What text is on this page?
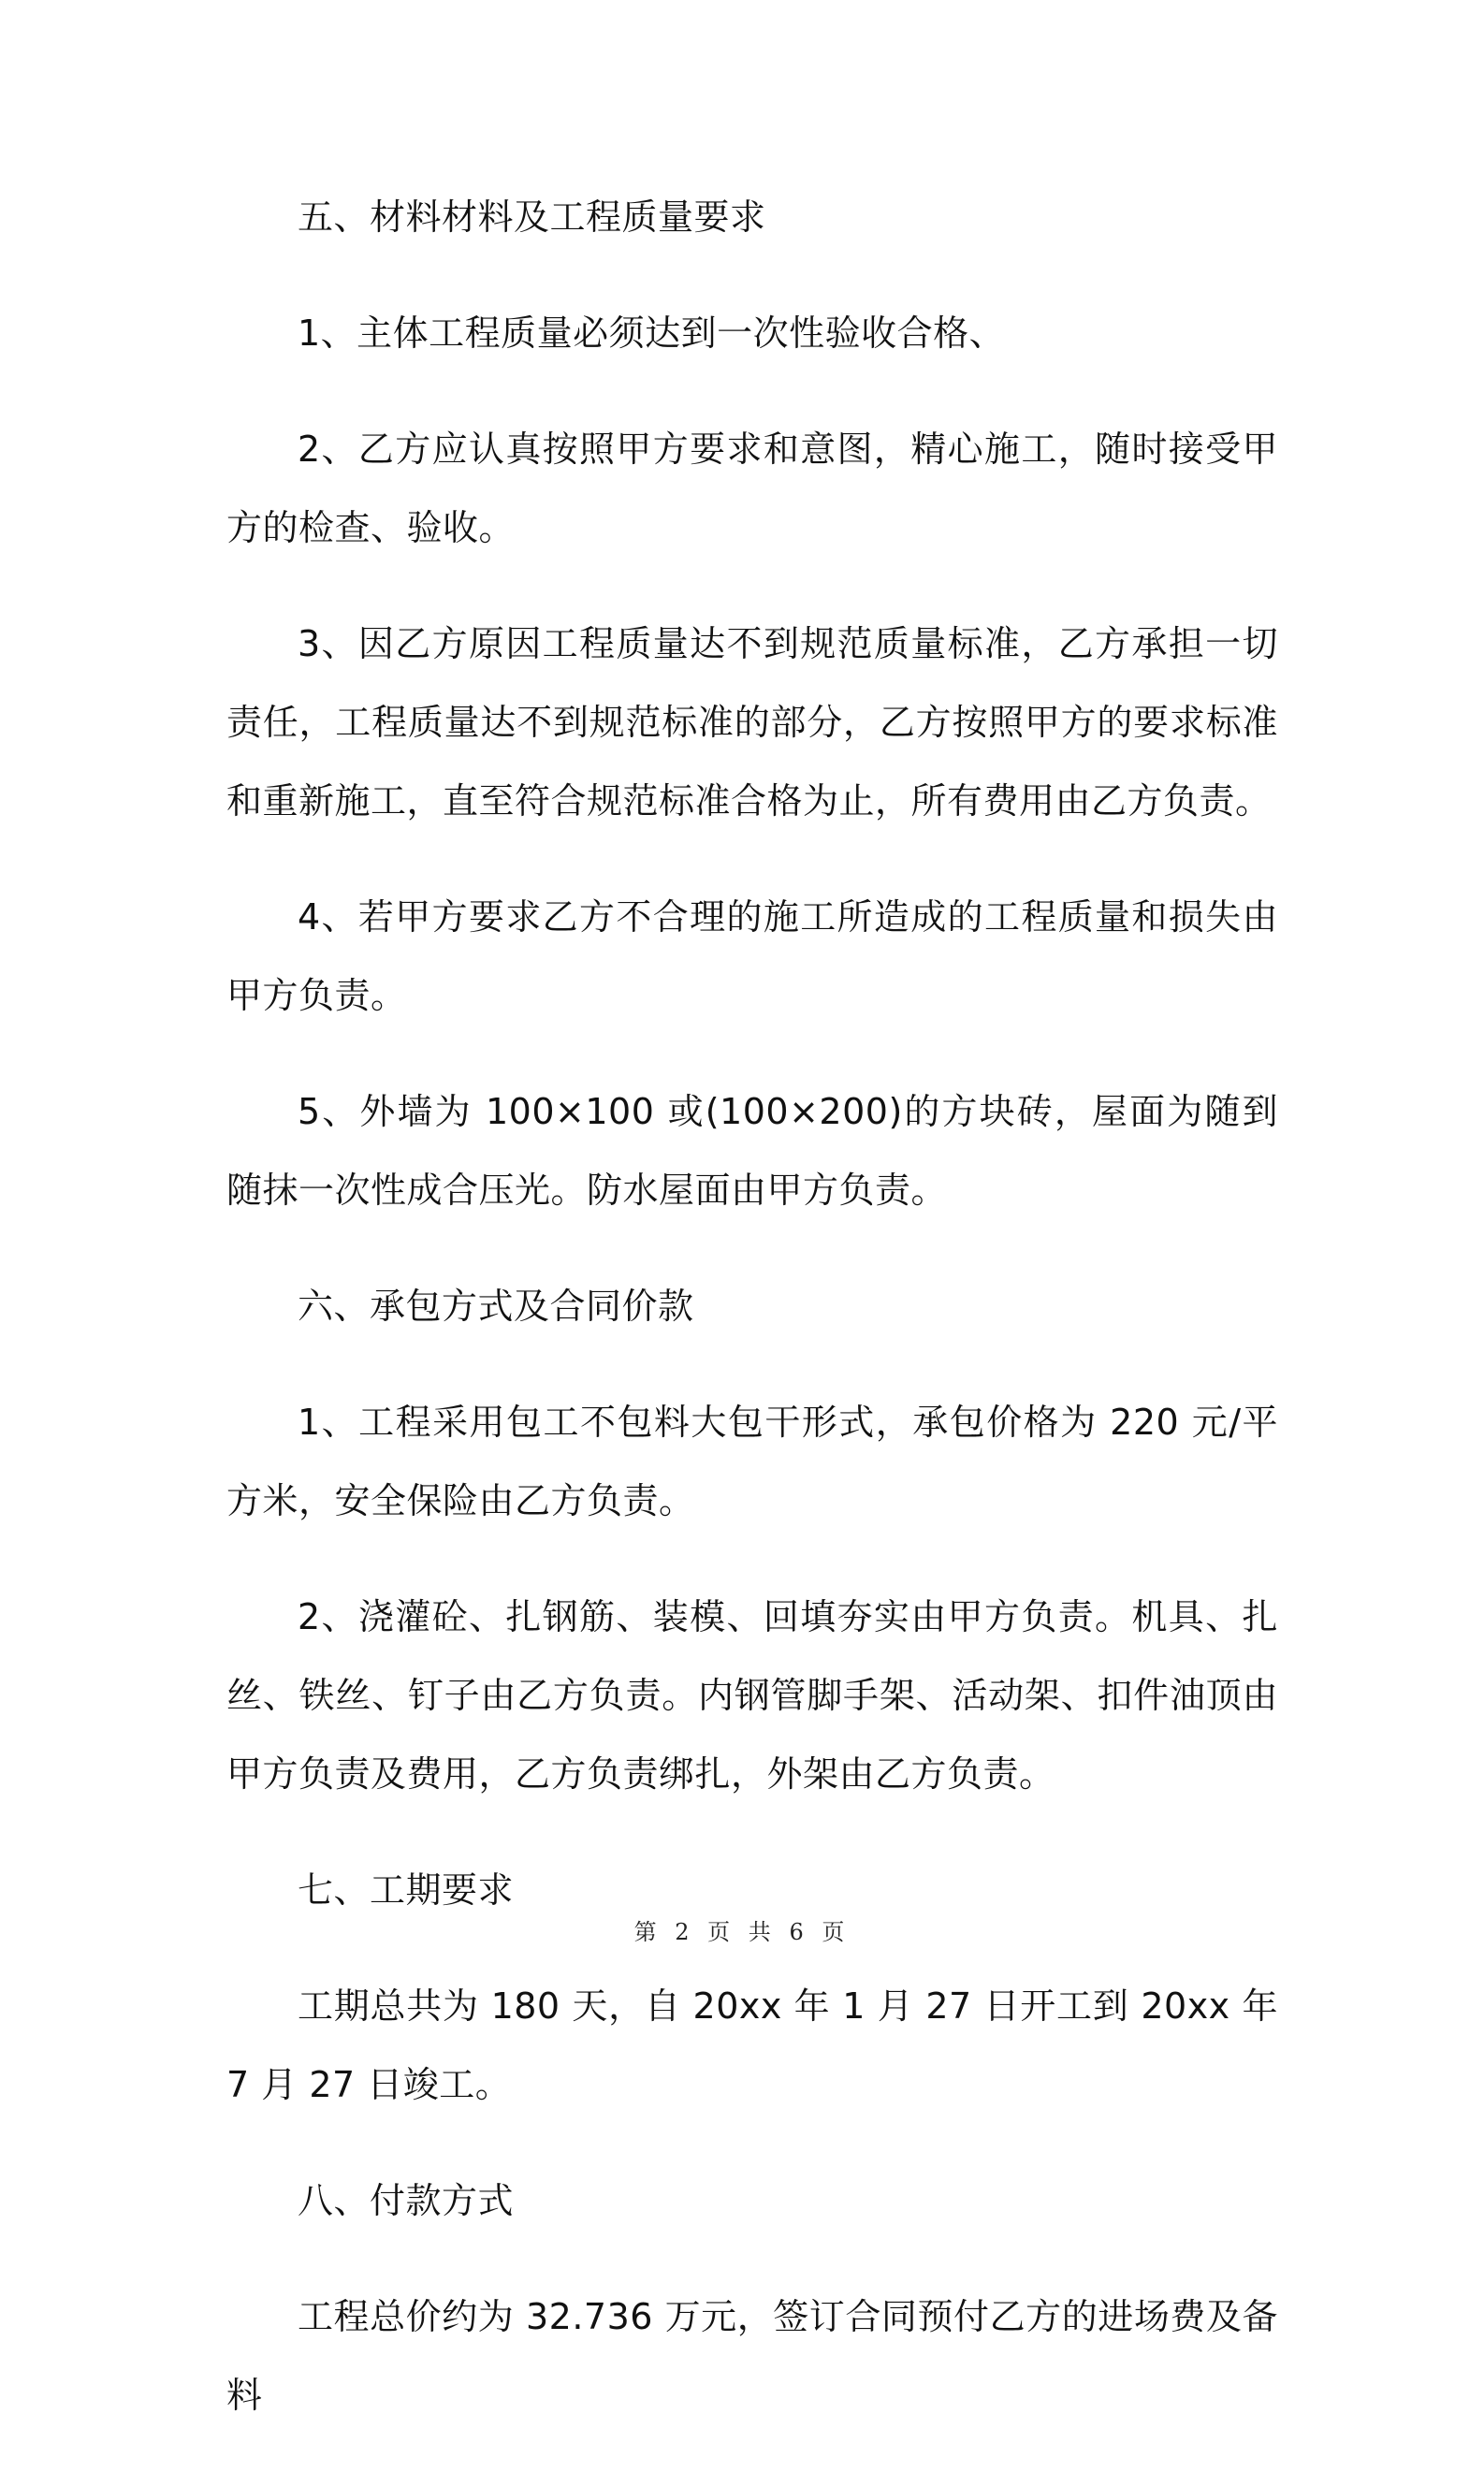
五、材料材料及工程质量要求

1、主体工程质量必须达到一次性验收合格、

2、乙方应认真按照甲方要求和意图，精心施工，随时接受甲方的检查、验收。

3、因乙方原因工程质量达不到规范质量标准，乙方承担一切责任，工程质量达不到规范标准的部分，乙方按照甲方的要求标准和重新施工，直至符合规范标准合格为止，所有费用由乙方负责。

4、若甲方要求乙方不合理的施工所造成的工程质量和损失由甲方负责。

5、外墙为 100×100 或(100×200)的方块砖，屋面为随到随抹一次性成合压光。防水屋面由甲方负责。

六、承包方式及合同价款

1、工程采用包工不包料大包干形式，承包价格为 220 元/平方米，安全保险由乙方负责。

2、浇灌砼、扎钢筋、装模、回填夯实由甲方负责。机具、扎丝、铁丝、钉子由乙方负责。内钢管脚手架、活动架、扣件油顶由甲方负责及费用，乙方负责绑扎，外架由乙方负责。

七、工期要求

工期总共为 180 天，自 20xx 年 1 月 27 日开工到 20xx 年 7 月 27 日竣工。

八、付款方式

工程总价约为 32.736 万元，签订合同预付乙方的进场费及备料

第 2 页 共 6 页
